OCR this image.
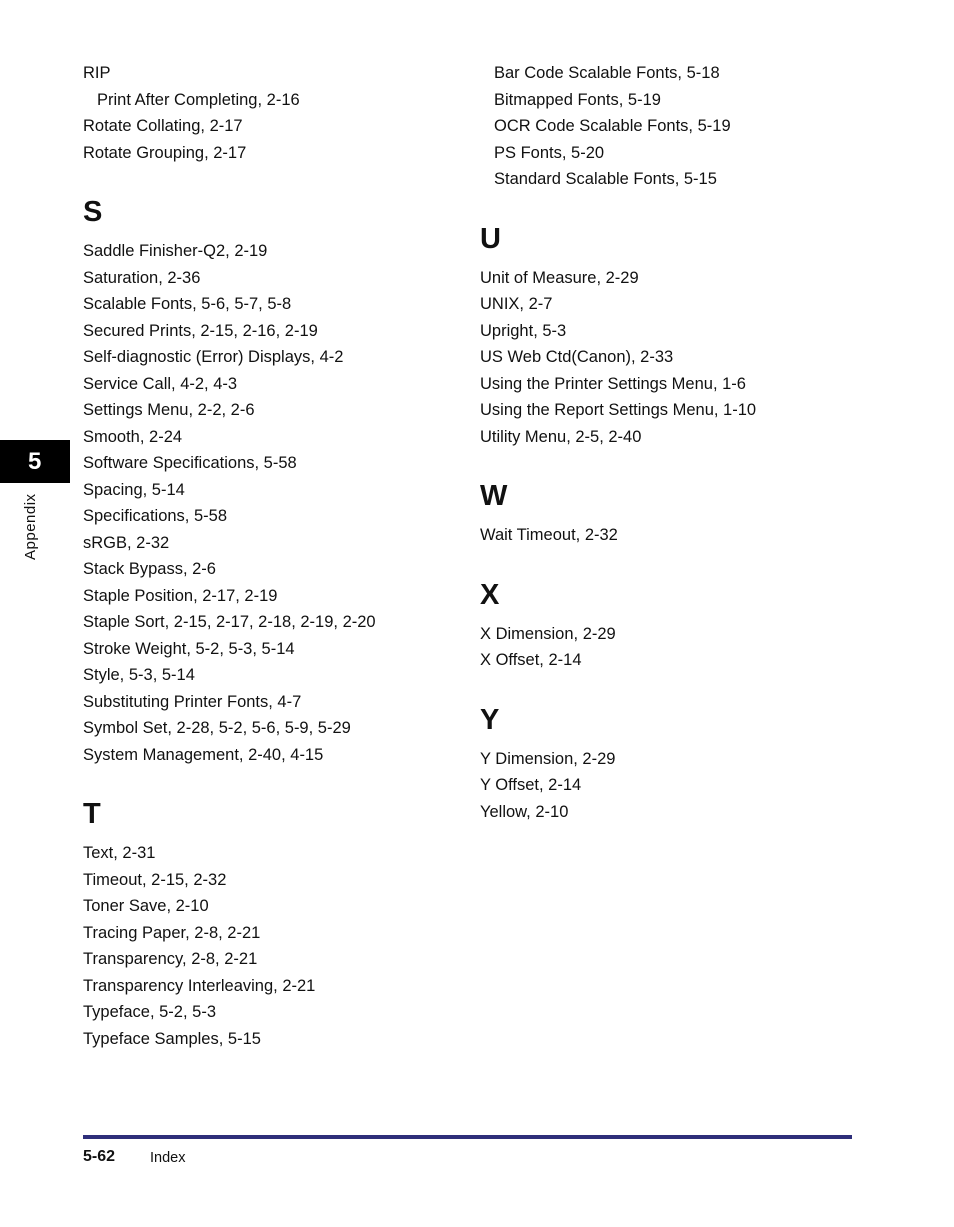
5
Appendix
RIP
Print After Completing, 2-16
Rotate Collating, 2-17
Rotate Grouping, 2-17
S
Saddle Finisher-Q2, 2-19
Saturation, 2-36
Scalable Fonts, 5-6, 5-7, 5-8
Secured Prints, 2-15, 2-16, 2-19
Self-diagnostic (Error) Displays, 4-2
Service Call, 4-2, 4-3
Settings Menu, 2-2, 2-6
Smooth, 2-24
Software Specifications, 5-58
Spacing, 5-14
Specifications, 5-58
sRGB, 2-32
Stack Bypass, 2-6
Staple Position, 2-17, 2-19
Staple Sort, 2-15, 2-17, 2-18, 2-19, 2-20
Stroke Weight, 5-2, 5-3, 5-14
Style, 5-3, 5-14
Substituting Printer Fonts, 4-7
Symbol Set, 2-28, 5-2, 5-6, 5-9, 5-29
System Management, 2-40, 4-15
T
Text, 2-31
Timeout, 2-15, 2-32
Toner Save, 2-10
Tracing Paper, 2-8, 2-21
Transparency, 2-8, 2-21
Transparency Interleaving, 2-21
Typeface, 5-2, 5-3
Typeface Samples, 5-15
Bar Code Scalable Fonts, 5-18
Bitmapped Fonts, 5-19
OCR Code Scalable Fonts, 5-19
PS Fonts, 5-20
Standard Scalable Fonts, 5-15
U
Unit of Measure, 2-29
UNIX, 2-7
Upright, 5-3
US Web Ctd(Canon), 2-33
Using the Printer Settings Menu, 1-6
Using the Report Settings Menu, 1-10
Utility Menu, 2-5, 2-40
W
Wait Timeout, 2-32
X
X Dimension, 2-29
X Offset, 2-14
Y
Y Dimension, 2-29
Y Offset, 2-14
Yellow, 2-10
5-62 Index
